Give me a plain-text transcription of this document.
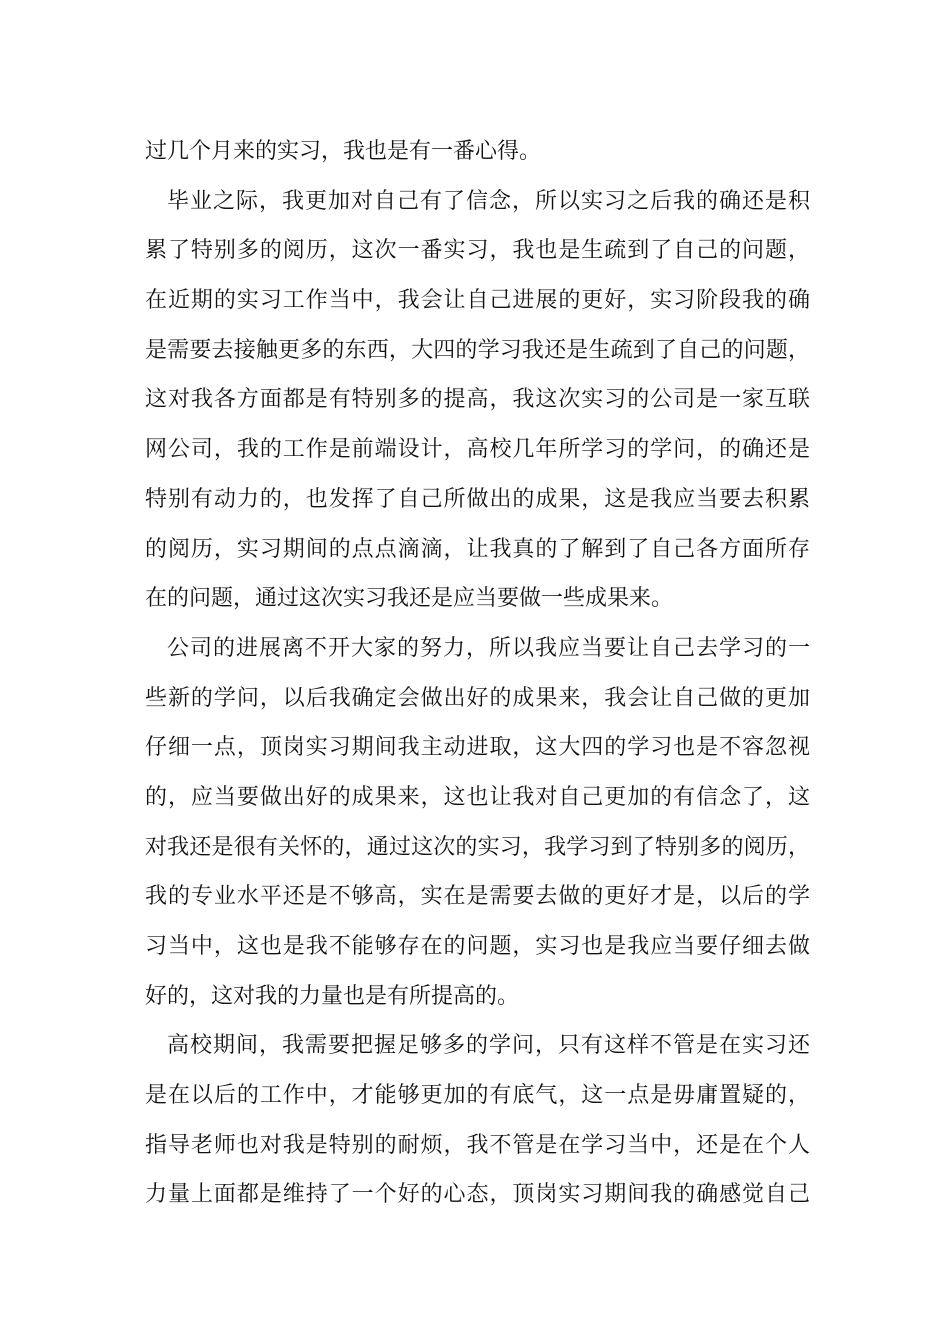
过几个月来的实习，我也是有一番心得。
毕业之际，我更加对自己有了信念，所以实习之后我的确还是积
累了特别多的阅历，这次一番实习，我也是生疏到了自己的问题，
在近期的实习工作当中，我会让自己进展的更好，实习阶段我的确
是需要去接触更多的东西，大四的学习我还是生疏到了自己的问题，
这对我各方面都是有特别多的提高，我这次实习的公司是一家互联
网公司，我的工作是前端设计，高校几年所学习的学问，的确还是
特别有动力的，也发挥了自己所做出的成果，这是我应当要去积累
的阅历，实习期间的点点滴滴，让我真的了解到了自己各方面所存
在的问题，通过这次实习我还是应当要做一些成果来。
公司的进展离不开大家的努力，所以我应当要让自己去学习的一
些新的学问，以后我确定会做出好的成果来，我会让自己做的更加
仔细一点，顶岗实习期间我主动进取，这大四的学习也是不容忽视
的，应当要做出好的成果来，这也让我对自己更加的有信念了，这
对我还是很有关怀的，通过这次的实习，我学习到了特别多的阅历，
我的专业水平还是不够高，实在是需要去做的更好才是，以后的学
习当中，这也是我不能够存在的问题，实习也是我应当要仔细去做
好的，这对我的力量也是有所提高的。
高校期间，我需要把握足够多的学问，只有这样不管是在实习还
是在以后的工作中，才能够更加的有底气，这一点是毋庸置疑的，
指导老师也对我是特别的耐烦，我不管是在学习当中，还是在个人
力量上面都是维持了一个好的心态，顶岗实习期间我的确感觉自己
